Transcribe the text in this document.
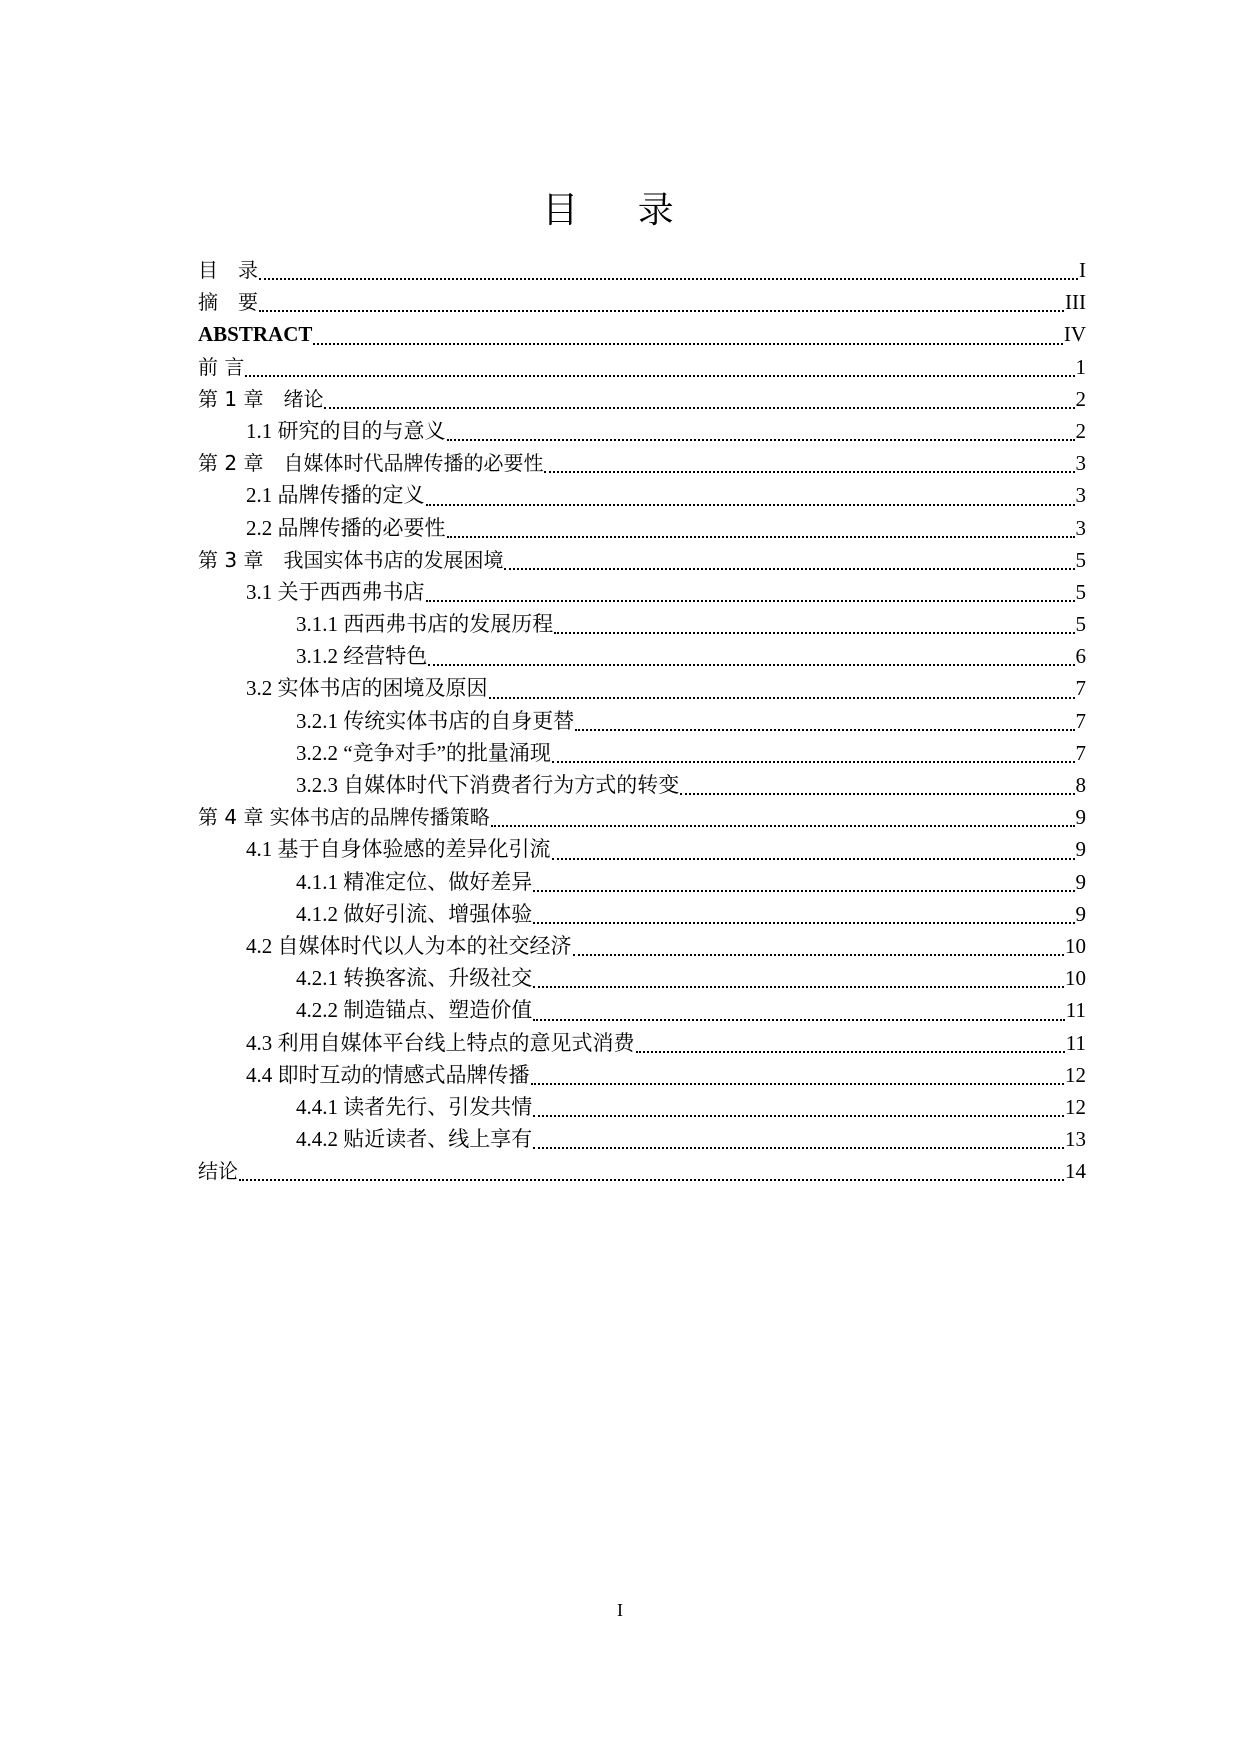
目 录
目　录	I
摘　要	III
ABSTRACT	IV
前 言	1
第 1 章　绪论	2
1.1 研究的目的与意义	2
第 2 章　自媒体时代品牌传播的必要性	3
2.1 品牌传播的定义	3
2.2 品牌传播的必要性	3
第 3 章　我国实体书店的发展困境	5
3.1 关于西西弗书店	5
3.1.1 西西弗书店的发展历程	5
3.1.2 经营特色	6
3.2 实体书店的困境及原因	7
3.2.1 传统实体书店的自身更替	7
3.2.2 “竞争对手”的批量涌现	7
3.2.3 自媒体时代下消费者行为方式的转变	8
第 4 章 实体书店的品牌传播策略	9
4.1 基于自身体验感的差异化引流	9
4.1.1 精准定位、做好差异	9
4.1.2 做好引流、增强体验	9
4.2 自媒体时代以人为本的社交经济	10
4.2.1 转换客流、升级社交	10
4.2.2 制造锚点、塑造价值	11
4.3 利用自媒体平台线上特点的意见式消费	11
4.4 即时互动的情感式品牌传播	12
4.4.1 读者先行、引发共情	12
4.4.2 贴近读者、线上享有	13
结论	14
I
